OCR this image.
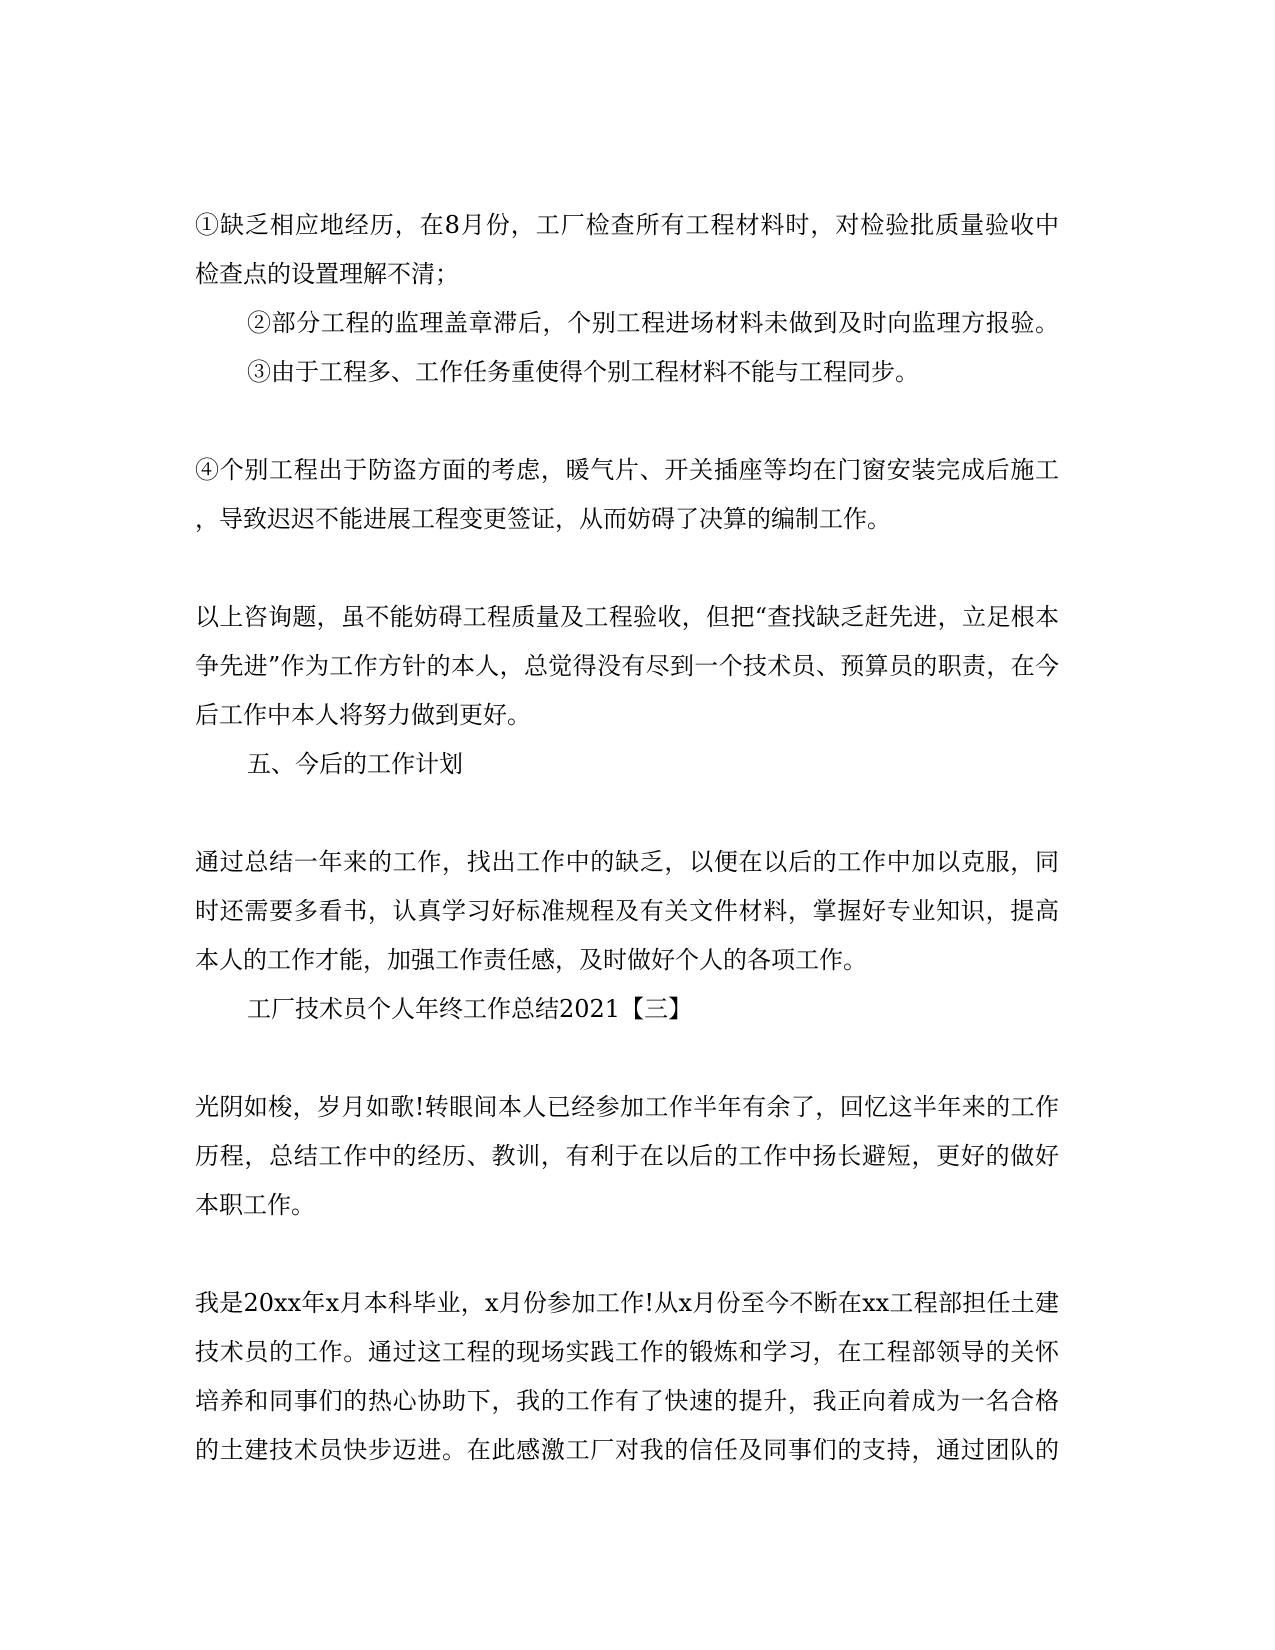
①缺乏相应地经历，在8月份，工厂检查所有工程材料时，对检验批质量验收中
检查点的设置理解不清；
②部分工程的监理盖章滞后，个别工程进场材料未做到及时向监理方报验。
③由于工程多、工作任务重使得个别工程材料不能与工程同步。
④个别工程出于防盗方面的考虑，暖气片、开关插座等均在门窗安装完成后施工
，导致迟迟不能进展工程变更签证，从而妨碍了决算的编制工作。
以上咨询题，虽不能妨碍工程质量及工程验收，但把“查找缺乏赶先进，立足根本
争先进”作为工作方针的本人，总觉得没有尽到一个技术员、预算员的职责，在今
后工作中本人将努力做到更好。
五、今后的工作计划
通过总结一年来的工作，找出工作中的缺乏，以便在以后的工作中加以克服，同
时还需要多看书，认真学习好标准规程及有关文件材料，掌握好专业知识，提高
本人的工作才能，加强工作责任感，及时做好个人的各项工作。
工厂技术员个人年终工作总结2021【三】
光阴如梭，岁月如歌!转眼间本人已经参加工作半年有余了，回忆这半年来的工作
历程，总结工作中的经历、教训，有利于在以后的工作中扬长避短，更好的做好
本职工作。
我是20xx年x月本科毕业，x月份参加工作!从x月份至今不断在xx工程部担任土建
技术员的工作。通过这工程的现场实践工作的锻炼和学习，在工程部领导的关怀
培养和同事们的热心协助下，我的工作有了快速的提升，我正向着成为一名合格
的土建技术员快步迈进。在此感激工厂对我的信任及同事们的支持，通过团队的
